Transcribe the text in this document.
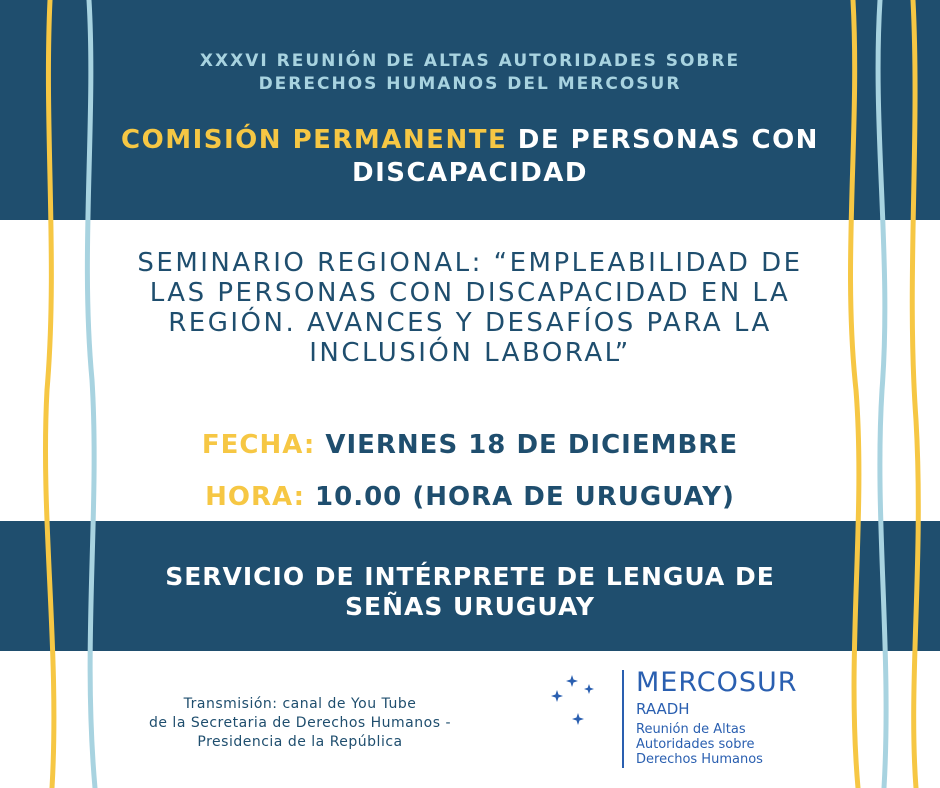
XXXVI REUNIÓN DE ALTAS AUTORIDADES SOBRE
DERECHOS HUMANOS DEL MERCOSUR
COMISIÓN PERMANENTE DE PERSONAS CON
DISCAPACIDAD
SEMINARIO REGIONAL: “EMPLEABILIDAD DE
LAS PERSONAS CON DISCAPACIDAD EN LA
REGIÓN. AVANCES Y DESAFÍOS PARA LA
INCLUSIÓN LABORAL”
FECHA: VIERNES 18 DE DICIEMBRE
HORA: 10.00 (HORA DE URUGUAY)
SERVICIO DE INTÉRPRETE DE LENGUA DE
SEÑAS URUGUAY
Transmisión: canal de You Tube
de la Secretaria de Derechos Humanos -
Presidencia de la República
MERCOSUR
RAADH
Reunión de Altas
Autoridades sobre
Derechos Humanos
